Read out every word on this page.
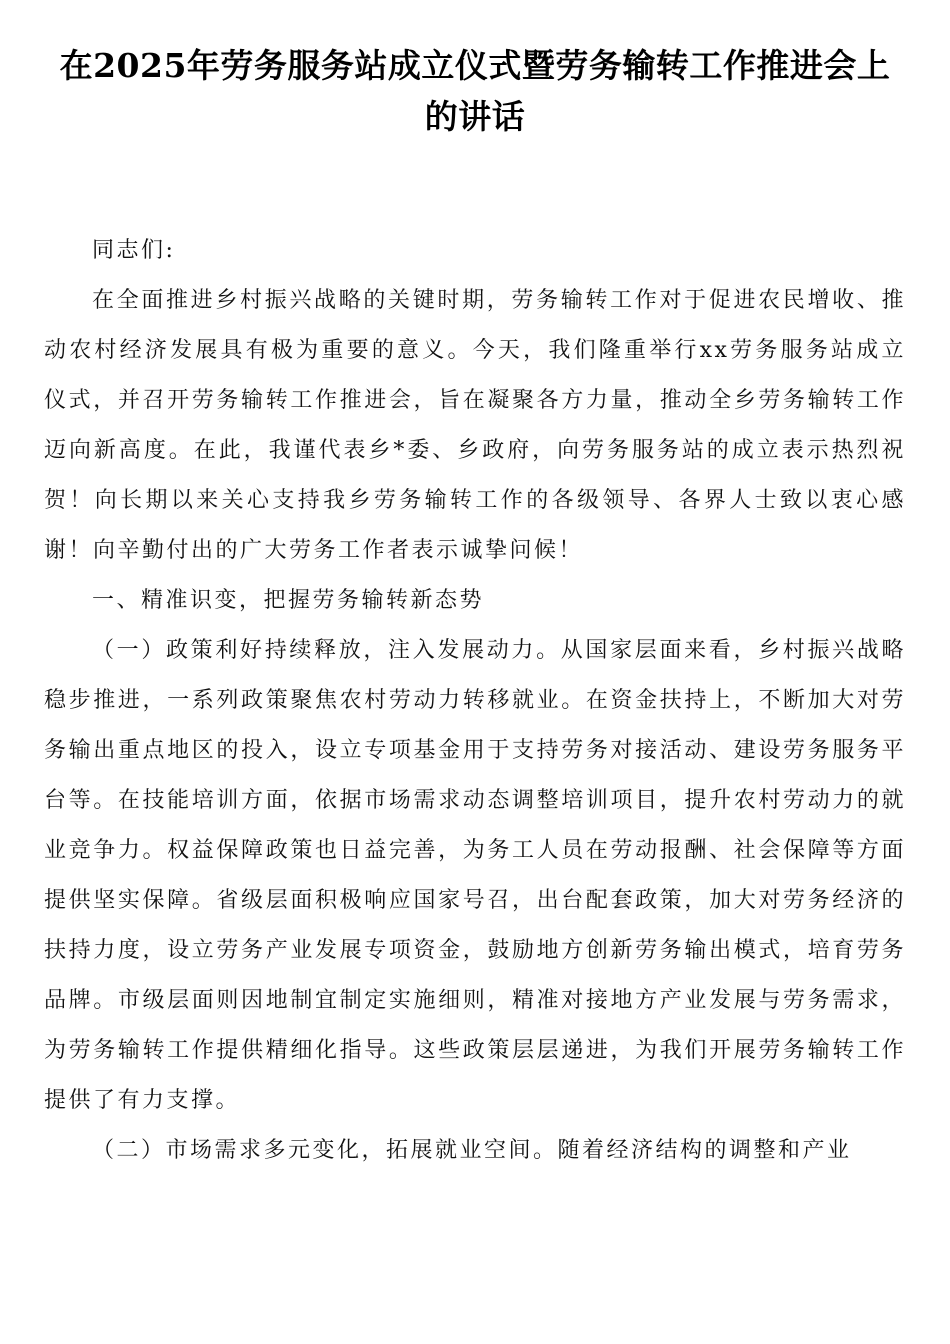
在2025年劳务服务站成立仪式暨劳务输转工作推进会上的讲话

同志们:

在全面推进乡村振兴战略的关键时期，劳务输转工作对于促进农民增收、推动农村经济发展具有极为重要的意义。今天，我们隆重举行xx劳务服务站成立仪式，并召开劳务输转工作推进会，旨在凝聚各方力量，推动全乡劳务输转工作迈向新高度。在此，我谨代表乡*委、乡政府，向劳务服务站的成立表示热烈祝贺！向长期以来关心支持我乡劳务输转工作的各级领导、各界人士致以衷心感谢！向辛勤付出的广大劳务工作者表示诚挚问候！

一、精准识变，把握劳务输转新态势

（一）政策利好持续释放，注入发展动力。从国家层面来看，乡村振兴战略稳步推进，一系列政策聚焦农村劳动力转移就业。在资金扶持上，不断加大对劳务输出重点地区的投入，设立专项基金用于支持劳务对接活动、建设劳务服务平台等。在技能培训方面，依据市场需求动态调整培训项目，提升农村劳动力的就业竞争力。权益保障政策也日益完善，为务工人员在劳动报酬、社会保障等方面提供坚实保障。省级层面积极响应国家号召，出台配套政策，加大对劳务经济的扶持力度，设立劳务产业发展专项资金，鼓励地方创新劳务输出模式，培育劳务品牌。市级层面则因地制宜制定实施细则，精准对接地方产业发展与劳务需求，为劳务输转工作提供精细化指导。这些政策层层递进，为我们开展劳务输转工作提供了有力支撑。

（二）市场需求多元变化，拓展就业空间。随着经济结构的调整和产业
